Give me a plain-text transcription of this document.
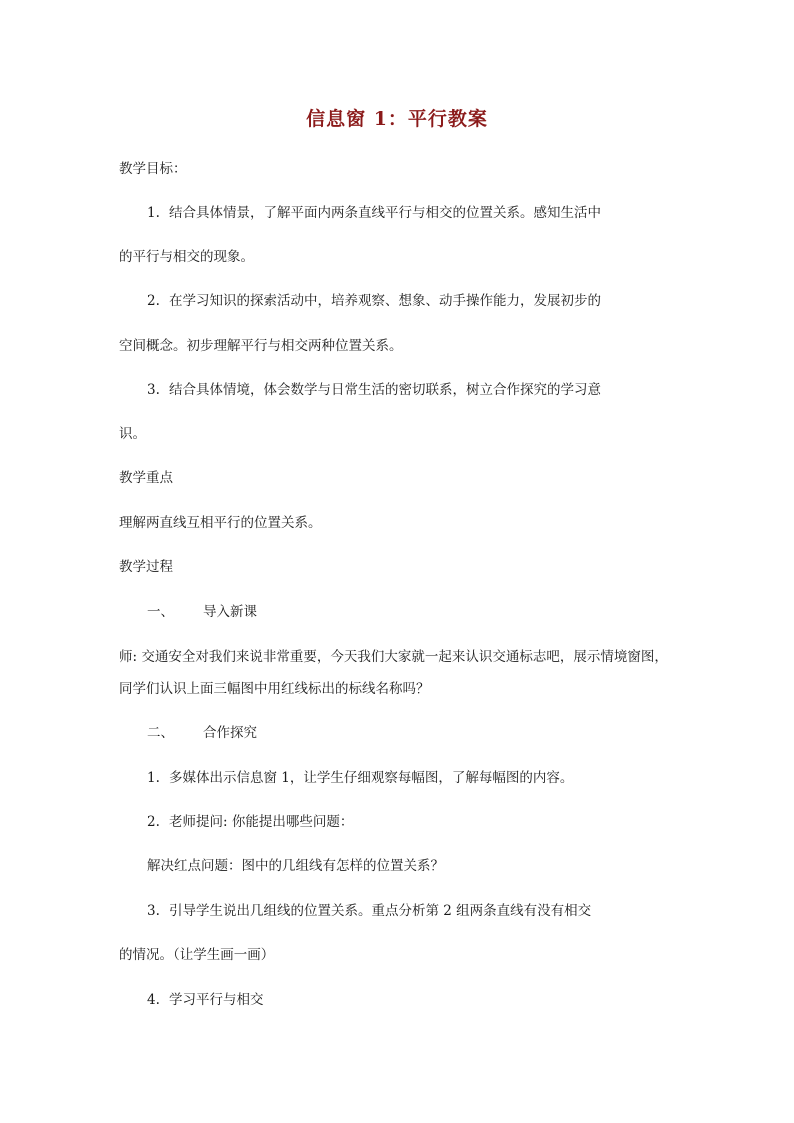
信息窗 1：平行教案
教学目标：
1. 结合具体情景，了解平面内两条直线平行与相交的位置关系。感知生活中
的平行与相交的现象。
2. 在学习知识的探索活动中，培养观察、想象、动手操作能力，发展初步的
空间概念。初步理解平行与相交两种位置关系。
3. 结合具体情境，体会数学与日常生活的密切联系，树立合作探究的学习意
识。
教学重点
理解两直线互相平行的位置关系。
教学过程
一、 导入新课
师: 交通安全对我们来说非常重要，今天我们大家就一起来认识交通标志吧，展示情境窗图，
同学们认识上面三幅图中用红线标出的标线名称吗？
二、 合作探究
1. 多媒体出示信息窗 1，让学生仔细观察每幅图，了解每幅图的内容。
2. 老师提问: 你能提出哪些问题：
解决红点问题：图中的几组线有怎样的位置关系？
3. 引导学生说出几组线的位置关系。重点分析第 2 组两条直线有没有相交
的情况。（让学生画一画）
4. 学习平行与相交
